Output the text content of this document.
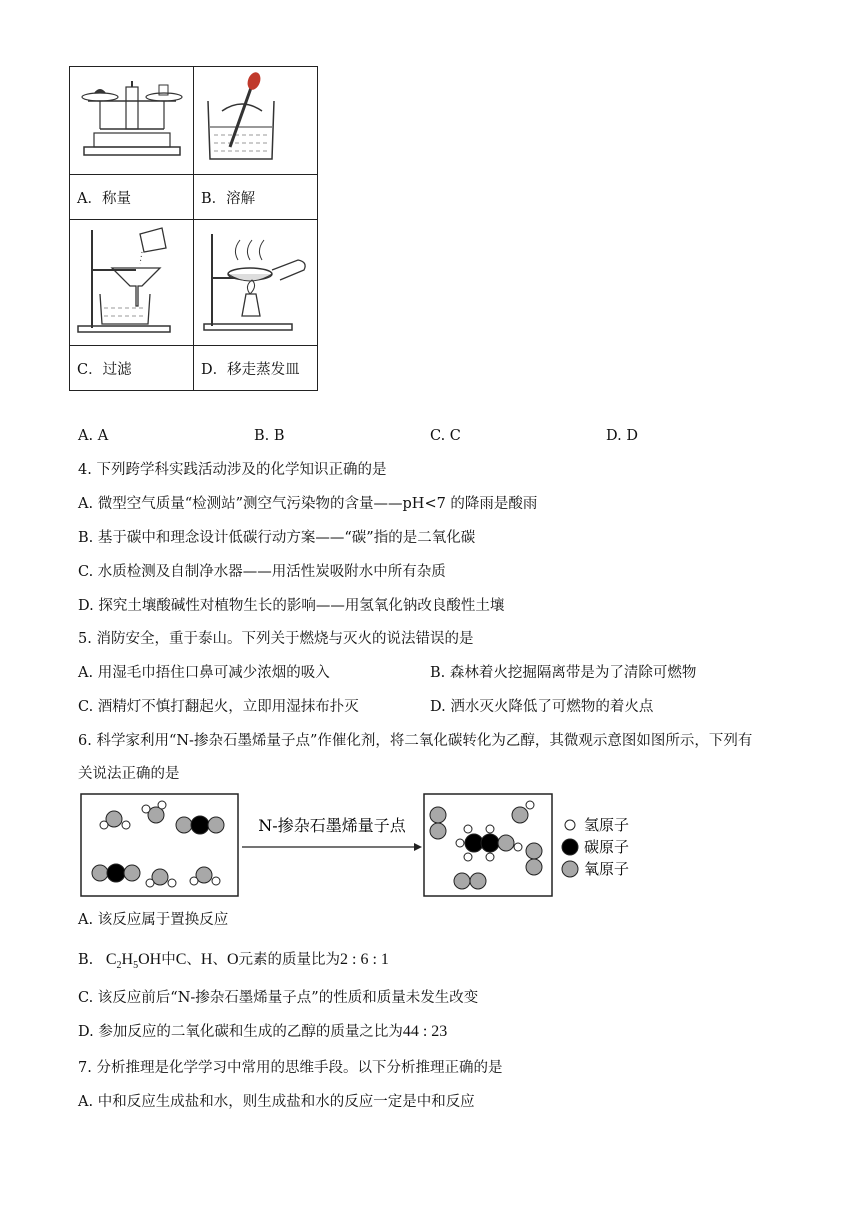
A．称量	B．溶解

C．过滤	D．移走蒸发皿
A. A	B. B	C. C	D. D
4. 下列跨学科实践活动涉及的化学知识正确的是
A. 微型空气质量“检测站”测空气污染物的含量——pH<7 的降雨是酸雨
B. 基于碳中和理念设计低碳行动方案——“碳”指的是二氧化碳
C. 水质检测及自制净水器——用活性炭吸附水中所有杂质
D. 探究土壤酸碱性对植物生长的影响——用氢氧化钠改良酸性土壤
5. 消防安全，重于泰山。下列关于燃烧与灭火的说法错误的是
A. 用湿毛巾捂住口鼻可减少浓烟的吸入	B. 森林着火挖掘隔离带是为了清除可燃物
C. 酒精灯不慎打翻起火，立即用湿抹布扑灭	D. 洒水灭火降低了可燃物的着火点
6. 科学家利用“N-掺杂石墨烯量子点”作催化剂，将二氧化碳转化为乙醇，其微观示意图如图所示，下列有
关说法正确的是
N-掺杂石墨烯量子点	氢原子
碳原子
氧原子
A. 该反应属于置换反应
B. $C_2H_5OH$中C、H、O元素的质量比为2 : 6 : 1
C. 该反应前后“N-掺杂石墨烯量子点”的性质和质量未发生改变
D. 参加反应的二氧化碳和生成的乙醇的质量之比为44 : 23
7. 分析推理是化学学习中常用的思维手段。以下分析推理正确的是
A. 中和反应生成盐和水，则生成盐和水的反应一定是中和反应
